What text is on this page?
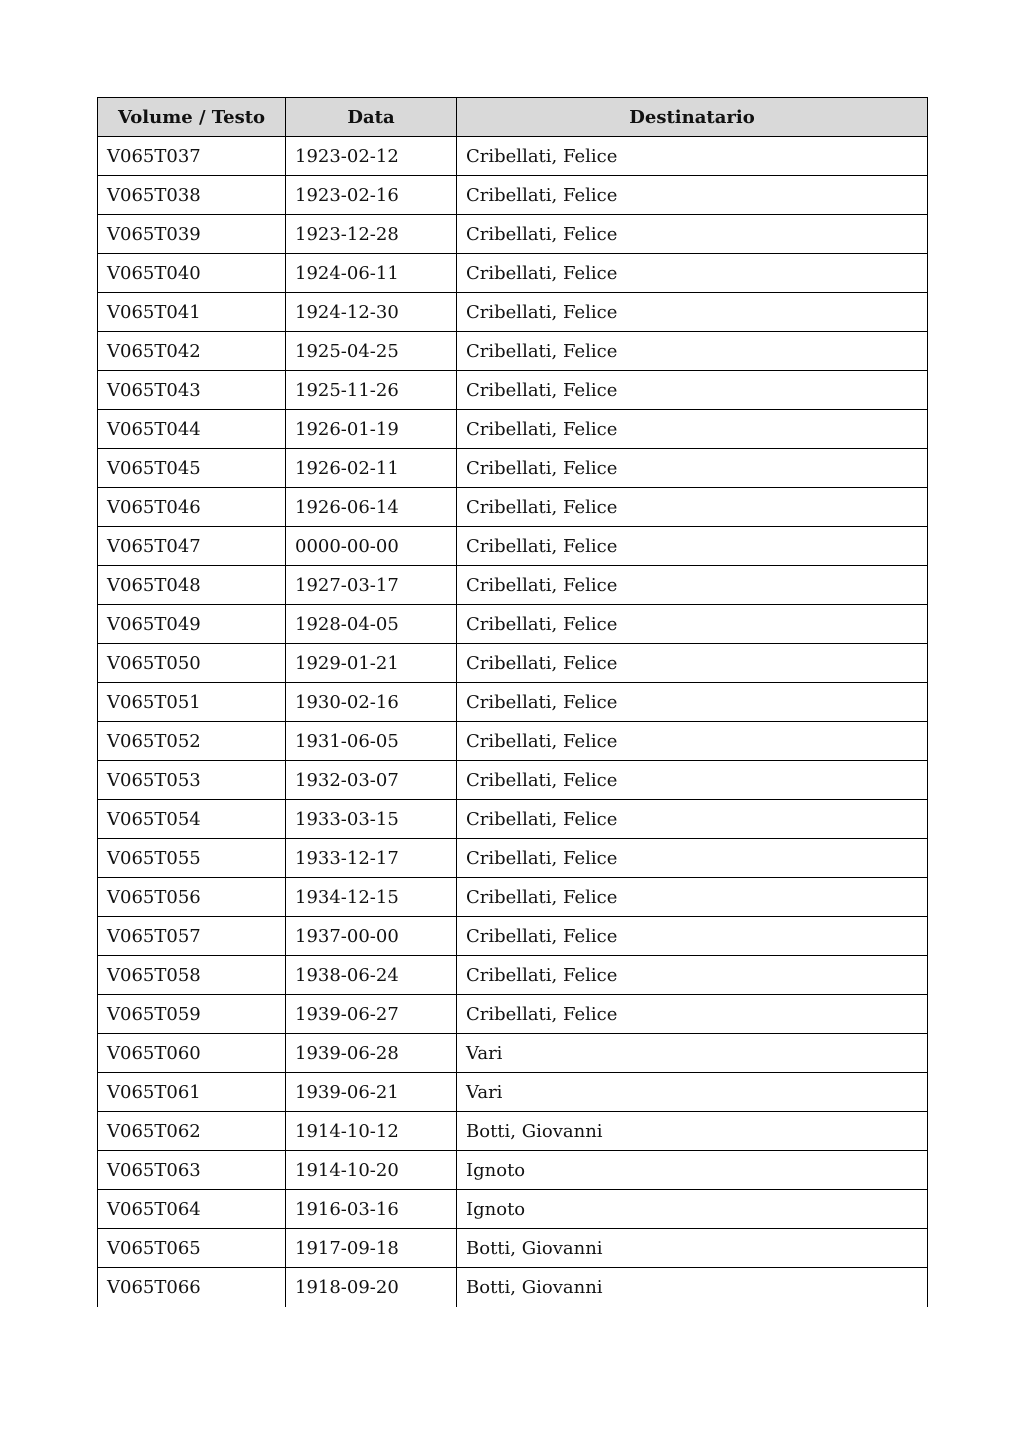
Volume / Testo	Data	Destinatario
V065T037	1923-02-12	Cribellati, Felice
V065T038	1923-02-16	Cribellati, Felice
V065T039	1923-12-28	Cribellati, Felice
V065T040	1924-06-11	Cribellati, Felice
V065T041	1924-12-30	Cribellati, Felice
V065T042	1925-04-25	Cribellati, Felice
V065T043	1925-11-26	Cribellati, Felice
V065T044	1926-01-19	Cribellati, Felice
V065T045	1926-02-11	Cribellati, Felice
V065T046	1926-06-14	Cribellati, Felice
V065T047	0000-00-00	Cribellati, Felice
V065T048	1927-03-17	Cribellati, Felice
V065T049	1928-04-05	Cribellati, Felice
V065T050	1929-01-21	Cribellati, Felice
V065T051	1930-02-16	Cribellati, Felice
V065T052	1931-06-05	Cribellati, Felice
V065T053	1932-03-07	Cribellati, Felice
V065T054	1933-03-15	Cribellati, Felice
V065T055	1933-12-17	Cribellati, Felice
V065T056	1934-12-15	Cribellati, Felice
V065T057	1937-00-00	Cribellati, Felice
V065T058	1938-06-24	Cribellati, Felice
V065T059	1939-06-27	Cribellati, Felice
V065T060	1939-06-28	Vari
V065T061	1939-06-21	Vari
V065T062	1914-10-12	Botti, Giovanni
V065T063	1914-10-20	Ignoto
V065T064	1916-03-16	Ignoto
V065T065	1917-09-18	Botti, Giovanni
V065T066	1918-09-20	Botti, Giovanni
